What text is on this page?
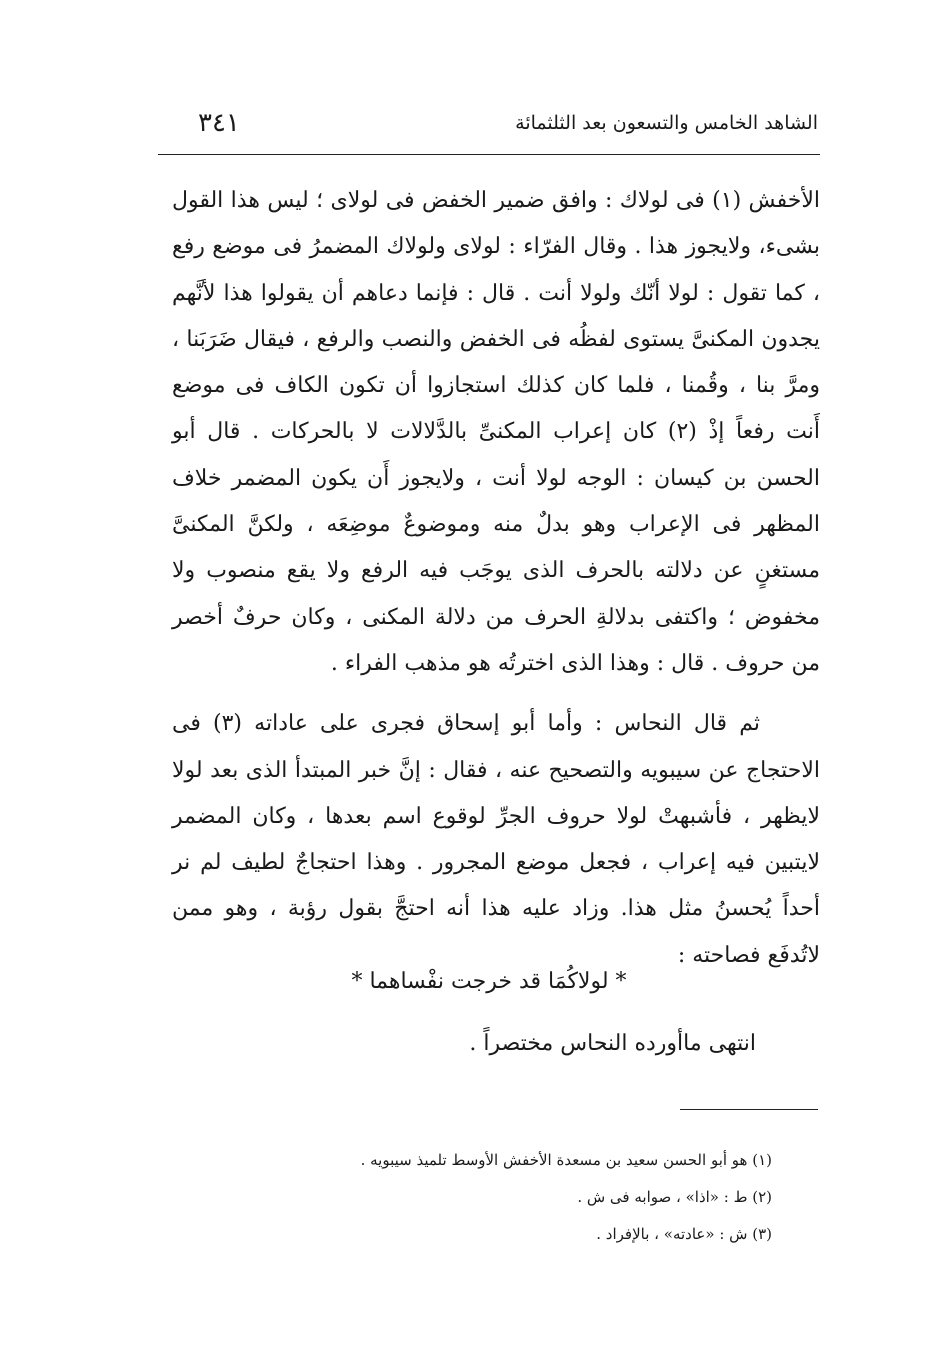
الشاهد الخامس والتسعون بعد الثلثمائة
٣٤١

الأخفش (١) فى لولاك : وافق ضمير الخفض فى لولاى ؛ ليس هذا القول بشىء، ولايجوز هذا . وقال الفرّاء : لولاى ولولاك المضمرُ فى موضع رفع ، كما تقول : لولا أنّك ولولا أنت . قال : فإنما دعاهم أن يقولوا هذا لأنَّهم يجدون المكنىَّ يستوى لفظُه فى الخفض والنصب والرفع ، فيقال ضَرَبَنا ، ومرَّ بنا ، وقُمنا ، فلما كان كذلك استجازوا أن تكون الكاف فى موضع أَنت رفعاً إذْ (٢) كان إعراب المكنىِّ بالدَّلالات لا بالحركات . قال أبو الحسن بن كيسان : الوجه لولا أنت ، ولايجوز أَن يكون المضمر خلاف المظهر فى الإعراب وهو بدلٌ منه وموضوعٌ موضِعَه ، ولكنَّ المكنىَّ مستغنٍ عن دلالته بالحرف الذى يوجَب فيه الرفع ولا يقع منصوب ولا مخفوض ؛ واكتفى بدلالةِ الحرف من دلالة المكنى ، وكان حرفٌ أخصر من حروف . قال : وهذا الذى اخترتُه هو مذهب الفراء .

ثم قال النحاس : وأما أبو إسحاق فجرى على عاداته (٣) فى الاحتجاج عن سيبويه والتصحيح عنه ، فقال : إنَّ خبر المبتدأ الذى بعد لولا لايظهر ، فأشبهتْ لولا حروف الجرِّ لوقوع اسم بعدها ، وكان المضمر لايتبين فيه إعراب ، فجعل موضع المجرور . وهذا احتجاجٌ لطيف لم نر أحداً يُحسنُ مثل هذا. وزاد عليه هذا أنه احتجَّ بقول رؤبة ، وهو ممن لاتُدفَع فصاحته :

* لولاكُمَا قد خرجت نفْساهما *
انتهى ماأورده النحاس مختصراً .
(١) هو أبو الحسن سعيد بن مسعدة الأخفش الأوسط تلميذ سيبويه .
(٢) ط : «اذا» ، صوابه فى ش .
(٣) ش : «عادته» ، بالإفراد .
